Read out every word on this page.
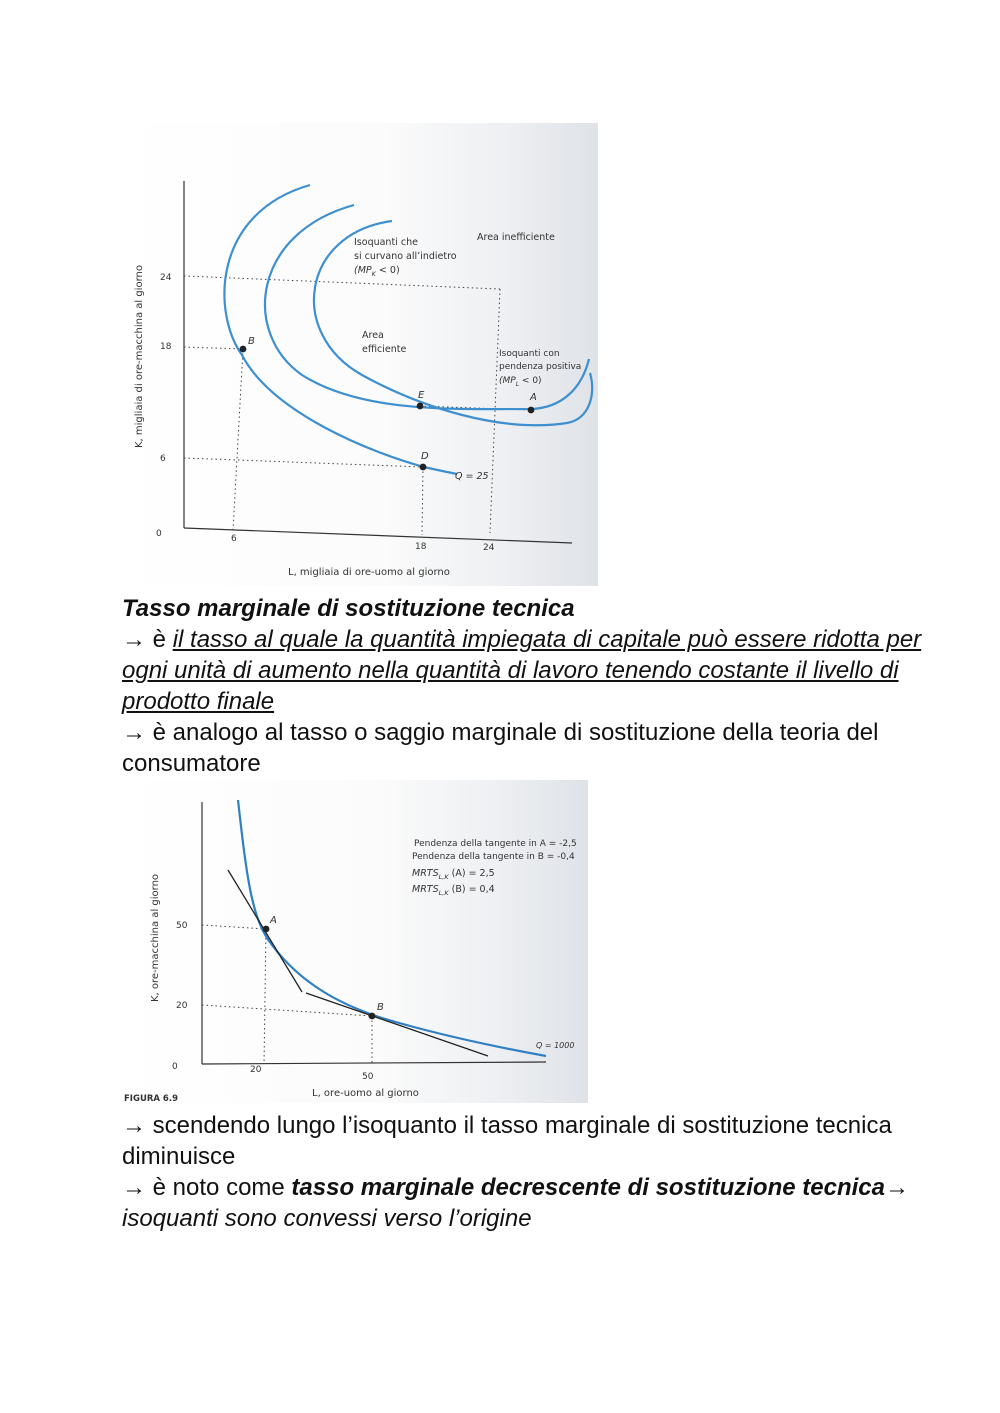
B
E	A
D
24
18
6
0	6
18	24
L, migliaia di ore-uomo al giorno
K, migliaia di ore-macchina al giorno
Isoquanti che
si curvano all’indietro
$(MP_K < 0)$
Area inefficiente
Area
efficiente	Isoquanti con
pendenza positiva
$(MP_L < 0)$
Q = 25
Tasso marginale di sostituzione tecnica
→ è il tasso al quale la quantità impiegata di capitale può essere ridotta per ogni unità di aumento nella quantità di lavoro tenendo costante il livello di prodotto finale
→ è analogo al tasso o saggio marginale di sostituzione della teoria del consumatore
A
B
50
20
0	20
50
L, ore-uomo al giorno
K, ore-macchina al giorno
Pendenza della tangente in A = -2,5
Pendenza della tangente in B = -0,4
$MRTS_{L,K}$ (A) = 2,5
$MRTS_{L,K}$ (B) = 0,4
Q = 1000
FIGURA 6.9
→ scendendo lungo l’isoquanto il tasso marginale di sostituzione tecnica diminuisce
→ è noto come tasso marginale decrescente di sostituzione tecnica→ isoquanti sono convessi verso l’origine
